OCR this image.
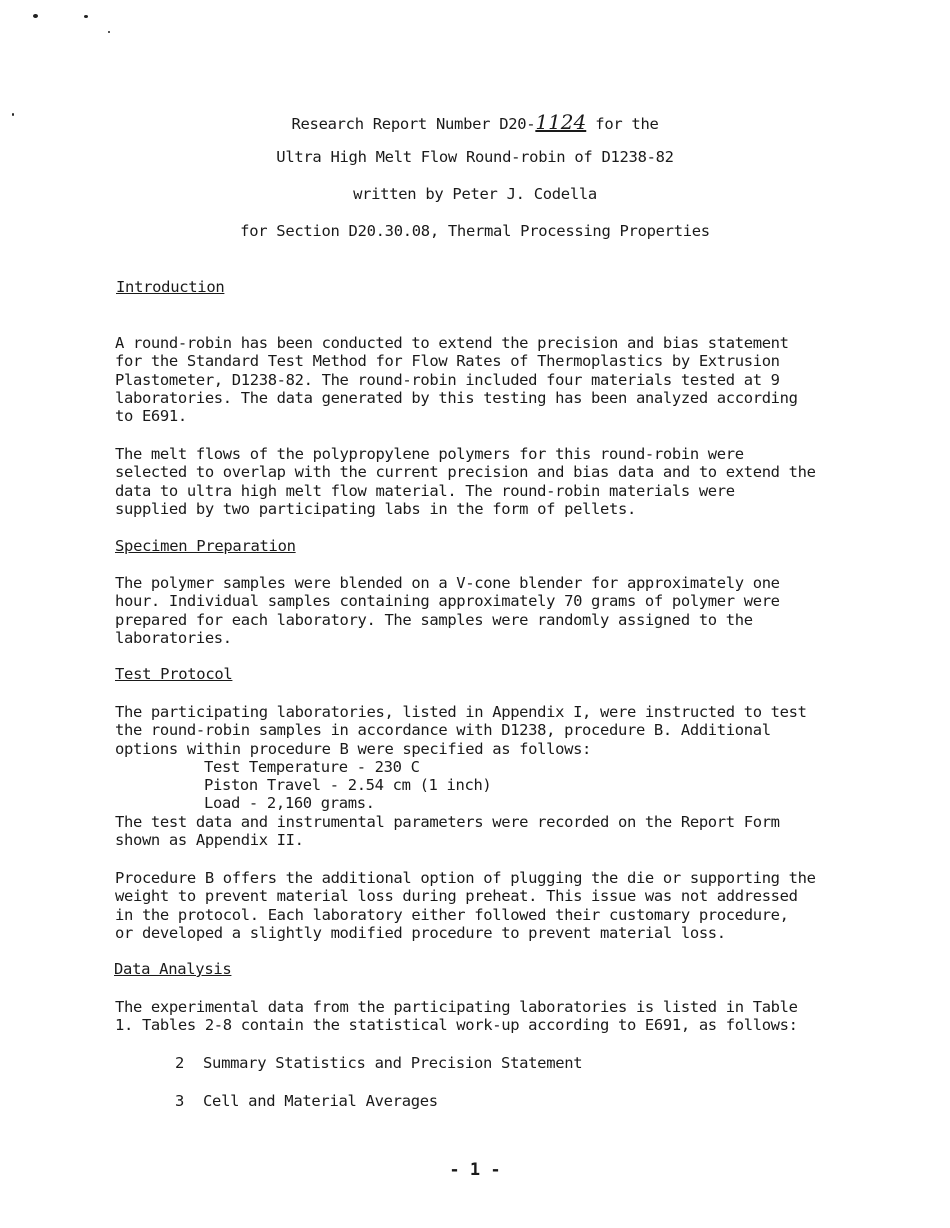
Research Report Number D20-1124 for the
Ultra High Melt Flow Round-robin of D1238-82
written by Peter J. Codella
for Section D20.30.08, Thermal Processing Properties
Introduction

A round-robin has been conducted to extend the precision and bias statement

for the Standard Test Method for Flow Rates of Thermoplastics by Extrusion

Plastometer, D1238-82. The round-robin included four materials tested at 9

laboratories. The data generated by this testing has been analyzed according

to E691.

The melt flows of the polypropylene polymers for this round-robin were

selected to overlap with the current precision and bias data and to extend the

data to ultra high melt flow material. The round-robin materials were

supplied by two participating labs in the form of pellets.

Specimen Preparation

The polymer samples were blended on a V-cone blender for approximately one

hour. Individual samples containing approximately 70 grams of polymer were

prepared for each laboratory. The samples were randomly assigned to the

laboratories.

Test Protocol

The participating laboratories, listed in Appendix I, were instructed to test

the round-robin samples in accordance with D1238, procedure B. Additional

options within procedure B were specified as follows:

Test Temperature - 230 C

Piston Travel - 2.54 cm (1 inch)

Load - 2,160 grams.

The test data and instrumental parameters were recorded on the Report Form

shown as Appendix II.

Procedure B offers the additional option of plugging the die or supporting the

weight to prevent material loss during preheat. This issue was not addressed

in the protocol. Each laboratory either followed their customary procedure,

or developed a slightly modified procedure to prevent material loss.

Data Analysis

The experimental data from the participating laboratories is listed in Table

1. Tables 2-8 contain the statistical work-up according to E691, as follows:

2 Summary Statistics and Precision Statement
3 Cell and Material Averages
- 1 -
